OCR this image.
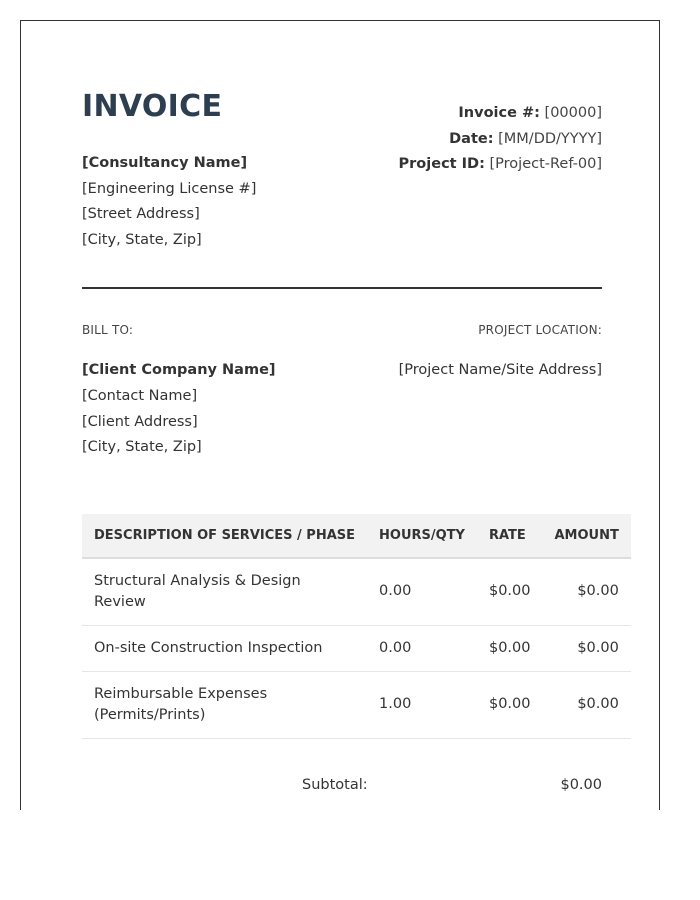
INVOICE	Invoice #: [00000]
Date: [MM/DD/YYYY]
Project ID: [Project-Ref-00]
[Consultancy Name]
[Engineering License #]
[Street Address]
[City, State, Zip]
BILL TO:	PROJECT LOCATION:
[Client Company Name]
[Contact Name]
[Client Address]
[City, State, Zip]
[Project Name/Site Address]
DESCRIPTION OF SERVICES / PHASE	HOURS/QTY	RATE	AMOUNT
Structural Analysis & Design Review	0.00	$0.00	$0.00
On-site Construction Inspection	0.00	$0.00	$0.00
Reimbursable Expenses (Permits/Prints)	1.00	$0.00	$0.00
Subtotal:	$0.00
